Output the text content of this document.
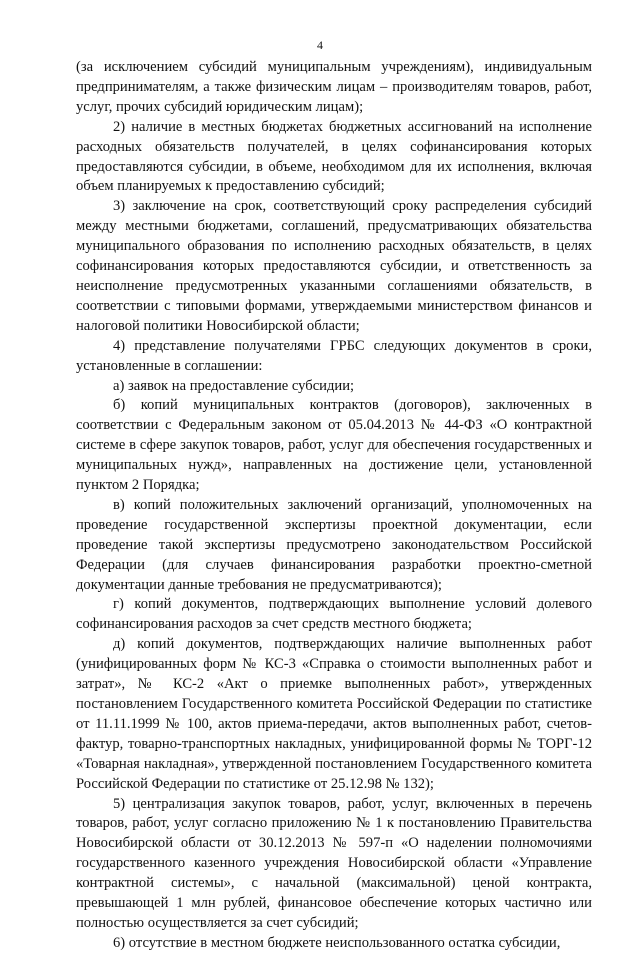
4

(за исключением субсидий муниципальным учреждениям), индивидуальным предпринимателям, а также физическим лицам – производителям товаров, работ, услуг, прочих субсидий юридическим лицам);

2) наличие в местных бюджетах бюджетных ассигнований на исполнение расходных обязательств получателей, в целях софинансирования которых предоставляются субсидии, в объеме, необходимом для их исполнения, включая объем планируемых к предоставлению субсидий;

3) заключение на срок, соответствующий сроку распределения субсидий между местными бюджетами, соглашений, предусматривающих обязательства муниципального образования по исполнению расходных обязательств, в целях софинансирования которых предоставляются субсидии, и ответственность за неисполнение предусмотренных указанными соглашениями обязательств, в соответствии с типовыми формами, утверждаемыми министерством финансов и налоговой политики Новосибирской области;

4) представление получателями ГРБС следующих документов в сроки, установленные в соглашении:

а) заявок на предоставление субсидии;

б) копий муниципальных контрактов (договоров), заключенных в соответствии с Федеральным законом от 05.04.2013 № 44-ФЗ «О контрактной системе в сфере закупок товаров, работ, услуг для обеспечения государственных и муниципальных нужд», направленных на достижение цели, установленной пунктом 2 Порядка;

в) копий положительных заключений организаций, уполномоченных на проведение государственной экспертизы проектной документации, если проведение такой экспертизы предусмотрено законодательством Российской Федерации (для случаев финансирования разработки проектно-сметной документации данные требования не предусматриваются);

г) копий документов, подтверждающих выполнение условий долевого софинансирования расходов за счет средств местного бюджета;

д) копий документов, подтверждающих наличие выполненных работ (унифицированных форм № КС-3 «Справка о стоимости выполненных работ и затрат», № КС-2 «Акт о приемке выполненных работ», утвержденных постановлением Государственного комитета Российской Федерации по статистике от 11.11.1999 № 100, актов приема-передачи, актов выполненных работ, счетов-фактур, товарно-транспортных накладных, унифицированной формы № ТОРГ-12 «Товарная накладная», утвержденной постановлением Государственного комитета Российской Федерации по статистике от 25.12.98 № 132);

5) централизация закупок товаров, работ, услуг, включенных в перечень товаров, работ, услуг согласно приложению № 1 к постановлению Правительства Новосибирской области от 30.12.2013 № 597-п «О наделении полномочиями государственного казенного учреждения Новосибирской области «Управление контрактной системы», с начальной (максимальной) ценой контракта, превышающей 1 млн рублей, финансовое обеспечение которых частично или полностью осуществляется за счет субсидий;

6) отсутствие в местном бюджете неиспользованного остатка субсидии,
